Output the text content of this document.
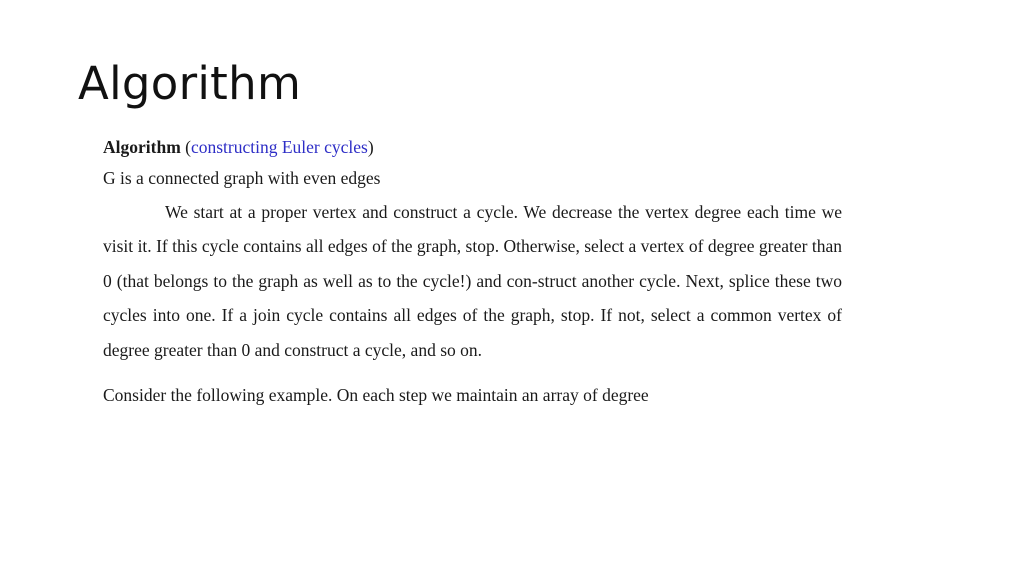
Algorithm

Algorithm (constructing Euler cycles)

G is a connected graph with even edges

We start at a proper vertex and construct a cycle. We decrease the vertex degree each time we visit it. If this cycle contains all edges of the graph, stop. Otherwise, select a vertex of degree greater than 0 (that belongs to the graph as well as to the cycle!) and con-struct another cycle. Next, splice these two cycles into one. If a join cycle contains all edges of the graph, stop. If not, select a common vertex of degree greater than 0 and construct a cycle, and so on.

Consider the following example. On each step we maintain an array of degree
